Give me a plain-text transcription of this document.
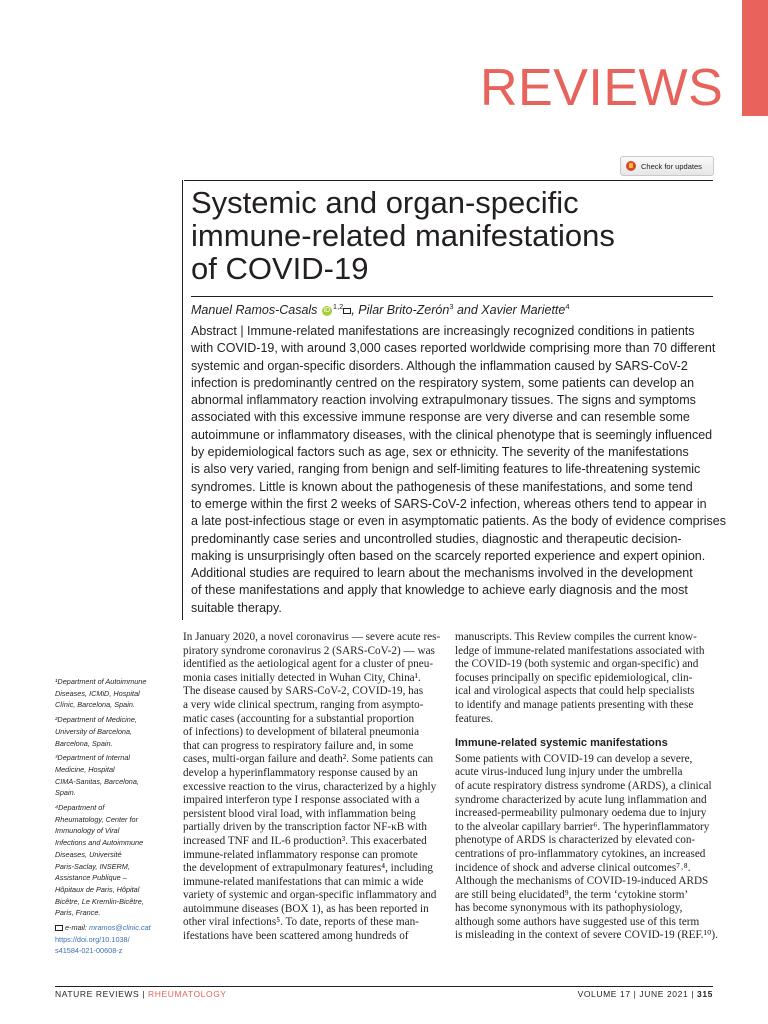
REVIEWS
Check for updates
Systemic and organ-specific
immune-related manifestations
of COVID-19
Manuel Ramos-Casals iD $^{1,2}$ , Pilar Brito-Zerón$^3$ and Xavier Mariette$^4$
Abstract | Immune-related manifestations are increasingly recognized conditions in patients
with COVID-19, with around 3,000 cases reported worldwide comprising more than 70 different
systemic and organ-specific disorders. Although the inflammation caused by SARS-CoV-2
infection is predominantly centred on the respiratory system, some patients can develop an
abnormal inflammatory reaction involving extrapulmonary tissues. The signs and symptoms
associated with this excessive immune response are very diverse and can resemble some
autoimmune or inflammatory diseases, with the clinical phenotype that is seemingly influenced
by epidemiological factors such as age, sex or ethnicity. The severity of the manifestations
is also very varied, ranging from benign and self-limiting features to life-threatening systemic
syndromes. Little is known about the pathogenesis of these manifestations, and some tend
to emerge within the first 2 weeks of SARS-CoV-2 infection, whereas others tend to appear in
a late post-infectious stage or even in asymptomatic patients. As the body of evidence comprises
predominantly case series and uncontrolled studies, diagnostic and therapeutic decision-
making is unsurprisingly often based on the scarcely reported experience and expert opinion.
Additional studies are required to learn about the mechanisms involved in the development
of these manifestations and apply that knowledge to achieve early diagnosis and the most
suitable therapy.
¹Department of Autoimmune
Diseases, ICMiD, Hospital
Clínic, Barcelona, Spain.
²Department of Medicine,
University of Barcelona,
Barcelona, Spain.
³Department of Internal
Medicine, Hospital
CIMA-Sanitas, Barcelona,
Spain.
⁴Department of
Rheumatology, Center for
Immunology of Viral
Infections and Autoimmune
Diseases, Université
Paris-Saclay, INSERM,
Assistance Publique –
Hôpitaux de Paris, Hôpital
Bicêtre, Le Kremlin-Bicêtre,
Paris, France.
e-mail: mramos@clinic.cat
https://doi.org/10.1038/
s41584-021-00608-z
In January 2020, a novel coronavirus — severe acute res-
piratory syndrome coronavirus 2 (SARS-CoV-2) — was
identified as the aetiological agent for a cluster of pneu-
monia cases initially detected in Wuhan City, China¹.
The disease caused by SARS-CoV-2, COVID-19, has
a very wide clinical spectrum, ranging from asympto-
matic cases (accounting for a substantial proportion
of infections) to development of bilateral pneumonia
that can progress to respiratory failure and, in some
cases, multi-organ failure and death². Some patients can
develop a hyperinflammatory response caused by an
excessive reaction to the virus, characterized by a highly
impaired interferon type I response associated with a
persistent blood viral load, with inflammation being
partially driven by the transcription factor NF-κB with
increased TNF and IL-6 production³. This exacerbated
immune-related inflammatory response can promote
the development of extrapulmonary features⁴, including
immune-related manifestations that can mimic a wide
variety of systemic and organ-specific inflammatory and
autoimmune diseases (BOX 1), as has been reported in
other viral infections⁵. To date, reports of these man-
ifestations have been scattered among hundreds of
manuscripts. This Review compiles the current know-
ledge of immune-related manifestations associated with
the COVID-19 (both systemic and organ-specific) and
focuses principally on specific epidemiological, clin-
ical and virological aspects that could help specialists
to identify and manage patients presenting with these
features.
Immune-related systemic manifestations
Some patients with COVID-19 can develop a severe,
acute virus-induced lung injury under the umbrella
of acute respiratory distress syndrome (ARDS), a clinical
syndrome characterized by acute lung inflammation and
increased-permeability pulmonary oedema due to injury
to the alveolar capillary barrier⁶. The hyperinflammatory
phenotype of ARDS is characterized by elevated con-
centrations of pro-inflammatory cytokines, an increased
incidence of shock and adverse clinical outcomes⁷˒⁸.
Although the mechanisms of COVID-19-induced ARDS
are still being elucidated⁹, the term ‘cytokine storm’
has become synonymous with its pathophysiology,
although some authors have suggested use of this term
is misleading in the context of severe COVID-19 (REF.¹⁰).
NATURE REVIEWS | RHEUMATOLOGY	VOLUME 17 | JUNE 2021 | 315
